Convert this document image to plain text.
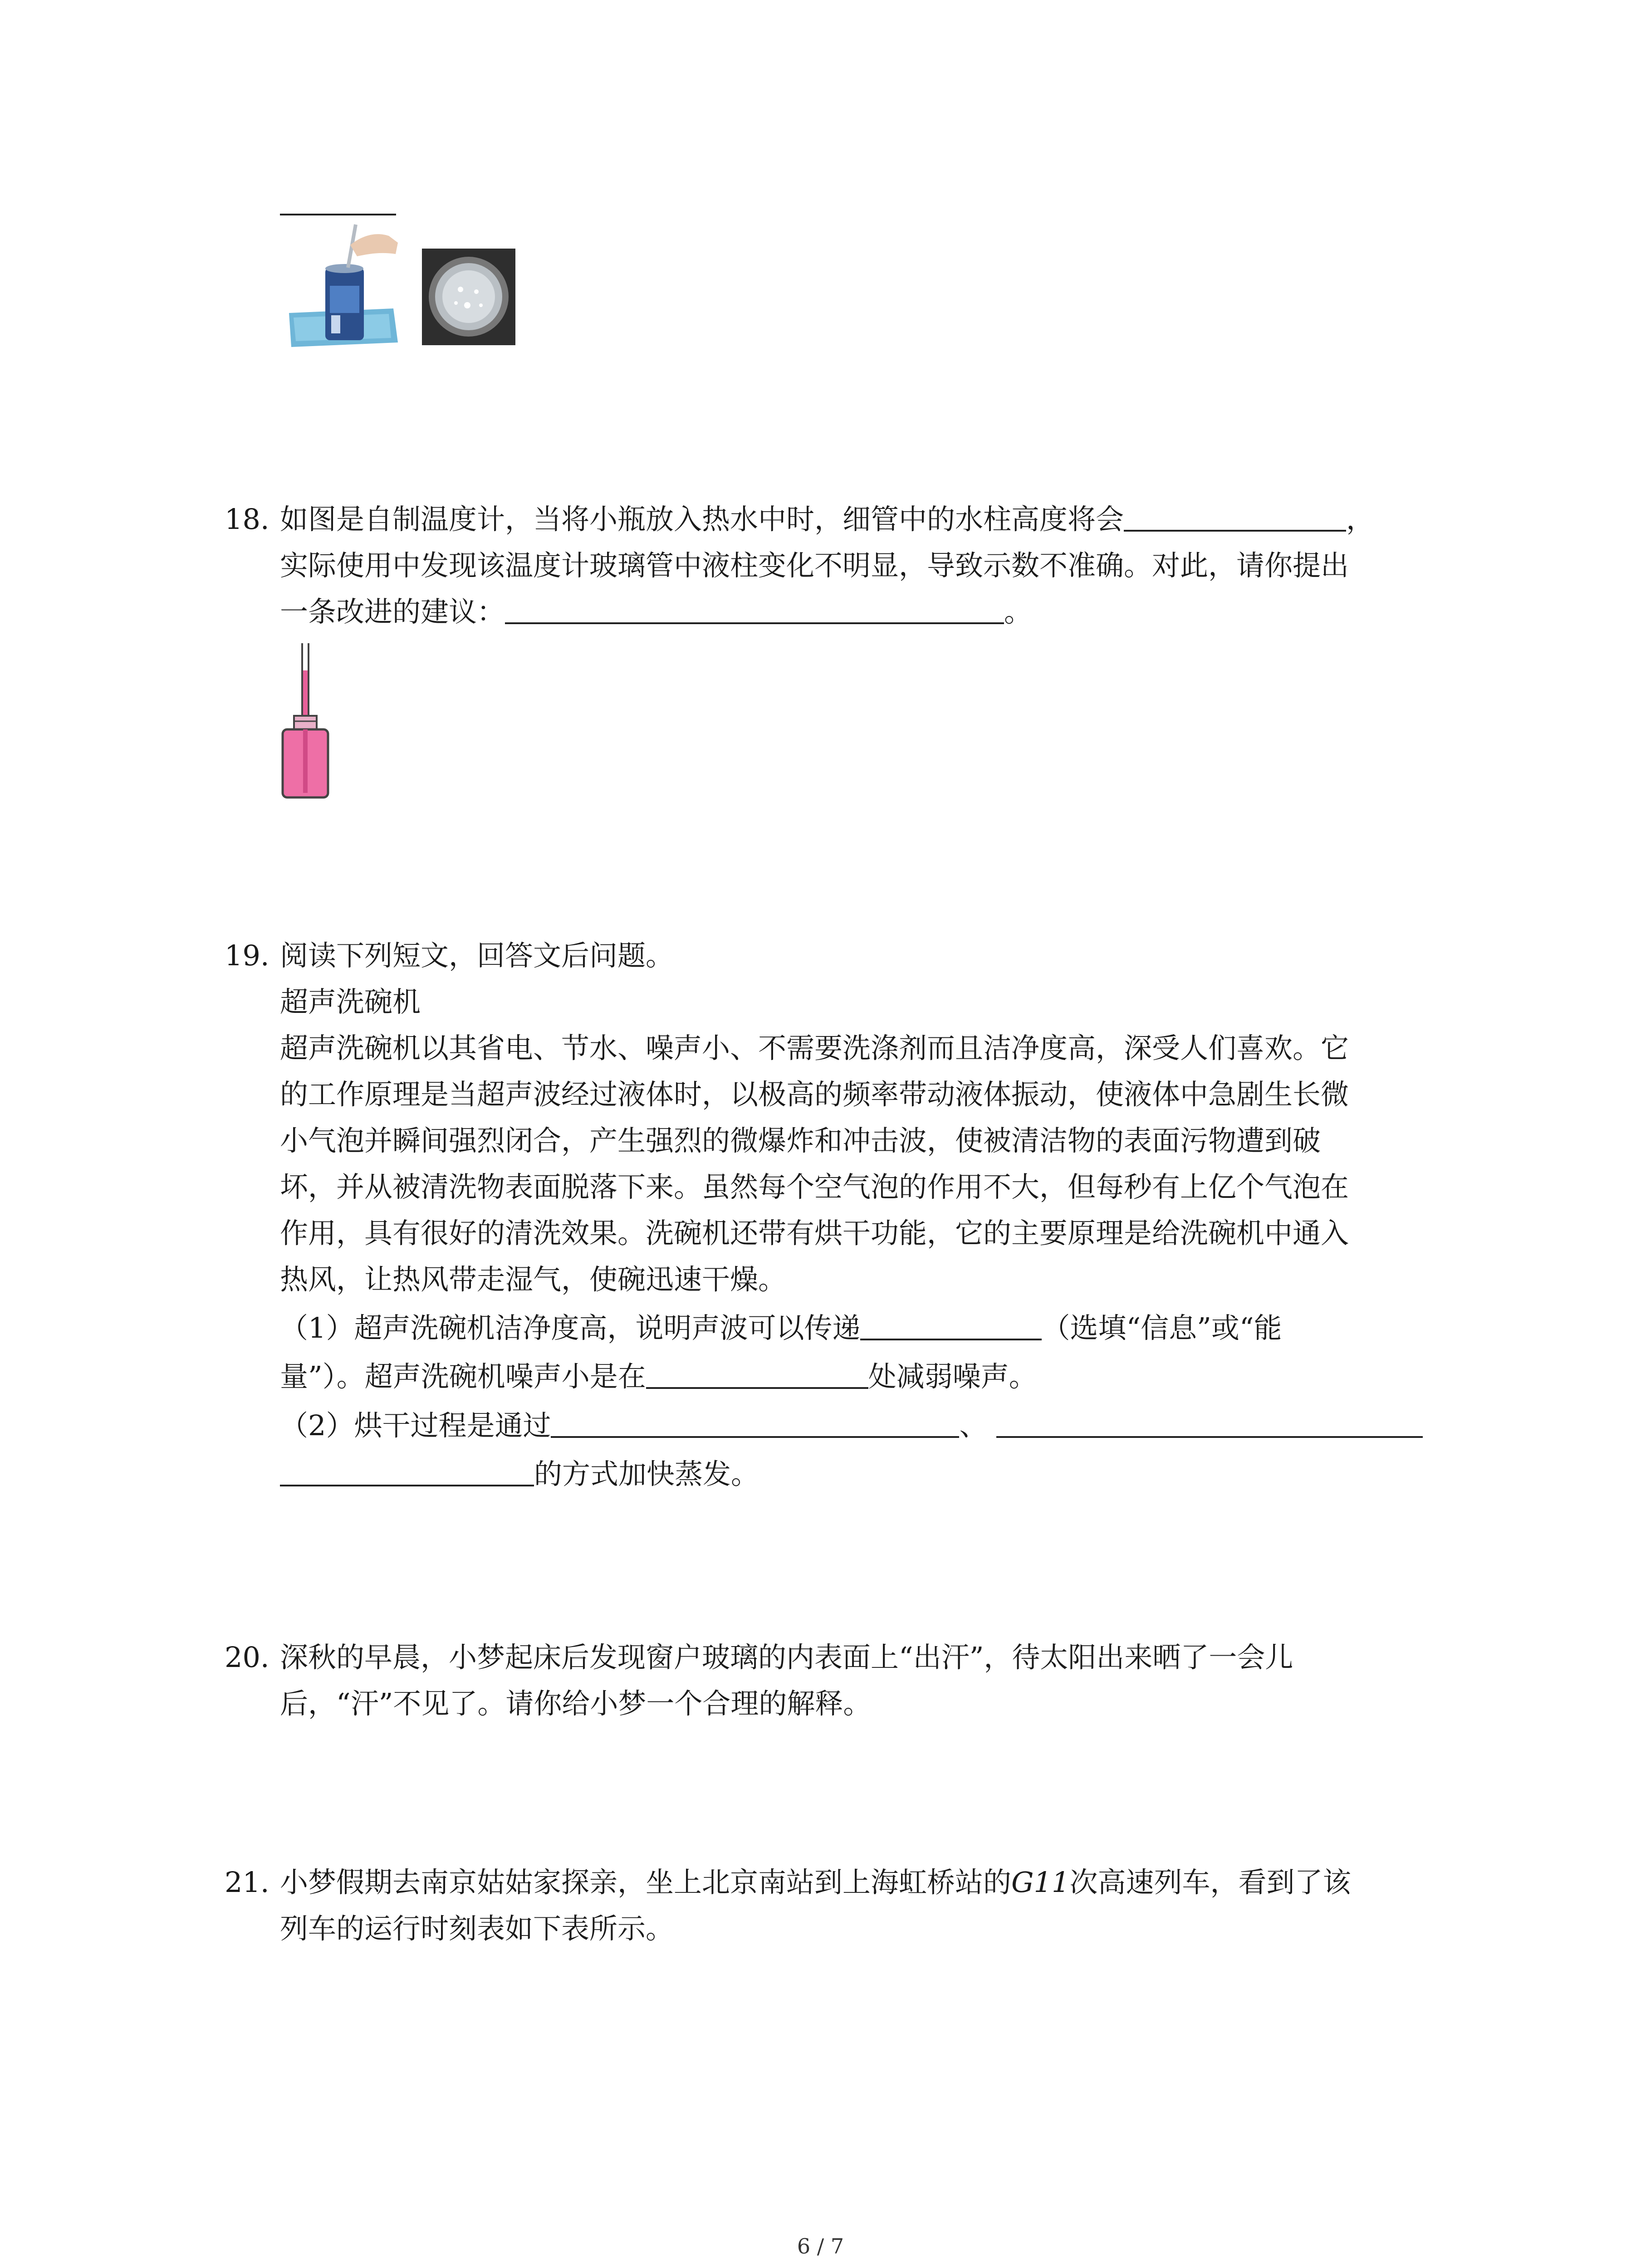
18. 如图是自制温度计，当将小瓶放入热水中时，细管中的水柱高度将会	，
实际使用中发现该温度计玻璃管中液柱变化不明显，导致示数不准确。对此，请你提出
一条改进的建议：	。
19. 阅读下列短文，回答文后问题。
超声洗碗机
超声洗碗机以其省电、节水、噪声小、不需要洗涤剂而且洁净度高，深受人们喜欢。它
的工作原理是当超声波经过液体时，以极高的频率带动液体振动，使液体中急剧生长微
小气泡并瞬间强烈闭合，产生强烈的微爆炸和冲击波，使被清洁物的表面污物遭到破
坏，并从被清洗物表面脱落下来。虽然每个空气泡的作用不大，但每秒有上亿个气泡在
作用，具有很好的清洗效果。洗碗机还带有烘干功能，它的主要原理是给洗碗机中通入
热风，让热风带走湿气，使碗迅速干燥。
（1）超声洗碗机洁净度高，说明声波可以传递	（选填“信息”或“能
量”）。超声洗碗机噪声小是在	处减弱噪声。
（2）烘干过程是通过	、
的方式加快蒸发。
20. 深秋的早晨，小梦起床后发现窗户玻璃的内表面上“出汗”，待太阳出来晒了一会儿
后，“汗”不见了。请你给小梦一个合理的解释。
21. 小梦假期去南京姑姑家探亲，坐上北京南站到上海虹桥站的G11次高速列车，看到了该
列车的运行时刻表如下表所示。
6 / 7
